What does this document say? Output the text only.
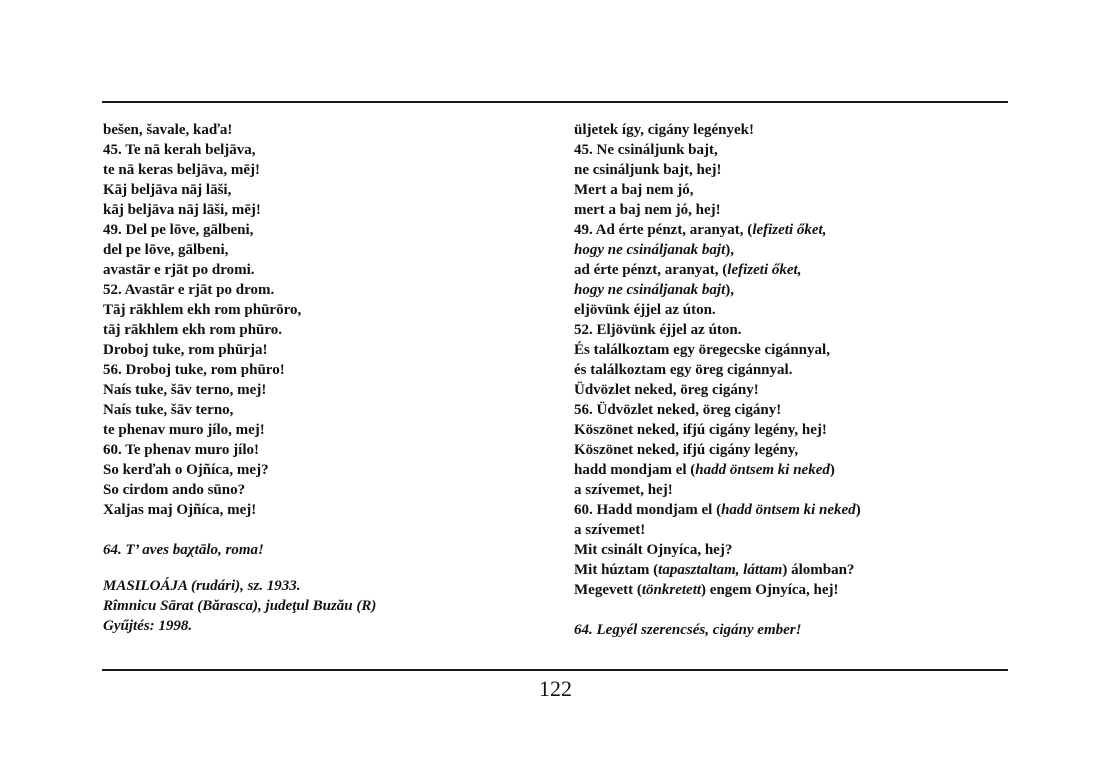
bešen, šavale, kaďa!
45. Te nā kerah beljāva,
te nā keras beljāva, mēj!
Kāj beljāva nāj lāši,
kāj beljāva nāj lāši, mēj!
49. Del pe lōve, gālbeni,
del pe lōve, gālbeni,
avastār e rjāt po dromi.
52. Avastār e rjāt po drom.
Tāj rākhlem ekh rom phūrōro,
tāj rākhlem ekh rom phūro.
Droboj tuke, rom phūrja!
56. Droboj tuke, rom phūro!
Naís tuke, šāv terno, mej!
Naís tuke, šāv terno,
te phenav muro jílo, mej!
60. Te phenav muro jílo!
So kerďah o Ojñíca, mej?
So cirdom ando sūno?
Xaljas maj Ojñíca, mej!
64. T’ aves baχtālo, roma!
MASILOÁJA (rudári), sz. 1933.
Rîmnicu Sārat (Bărasca), judeţul Buzău (R)
Gyűjtés: 1998.
üljetek így, cigány legények!
45. Ne csináljunk bajt,
ne csináljunk bajt, hej!
Mert a baj nem jó,
mert a baj nem jó, hej!
49. Ad érte pénzt, aranyat, (lefizeti őket,
hogy ne csináljanak bajt),
ad érte pénzt, aranyat, (lefizeti őket,
hogy ne csináljanak bajt),
eljövünk éjjel az úton.
52. Eljövünk éjjel az úton.
És találkoztam egy öregecske cigánnyal,
és találkoztam egy öreg cigánnyal.
Üdvözlet neked, öreg cigány!
56. Üdvözlet neked, öreg cigány!
Köszönet neked, ifjú cigány legény, hej!
Köszönet neked, ifjú cigány legény,
hadd mondjam el (hadd öntsem ki neked)
a szívemet, hej!
60. Hadd mondjam el (hadd öntsem ki neked)
a szívemet!
Mit csinált Ojnyíca, hej?
Mit húztam (tapasztaltam, láttam) álomban?
Megevett (tönkretett) engem Ojnyíca, hej!
64. Legyél szerencsés, cigány ember!
122
